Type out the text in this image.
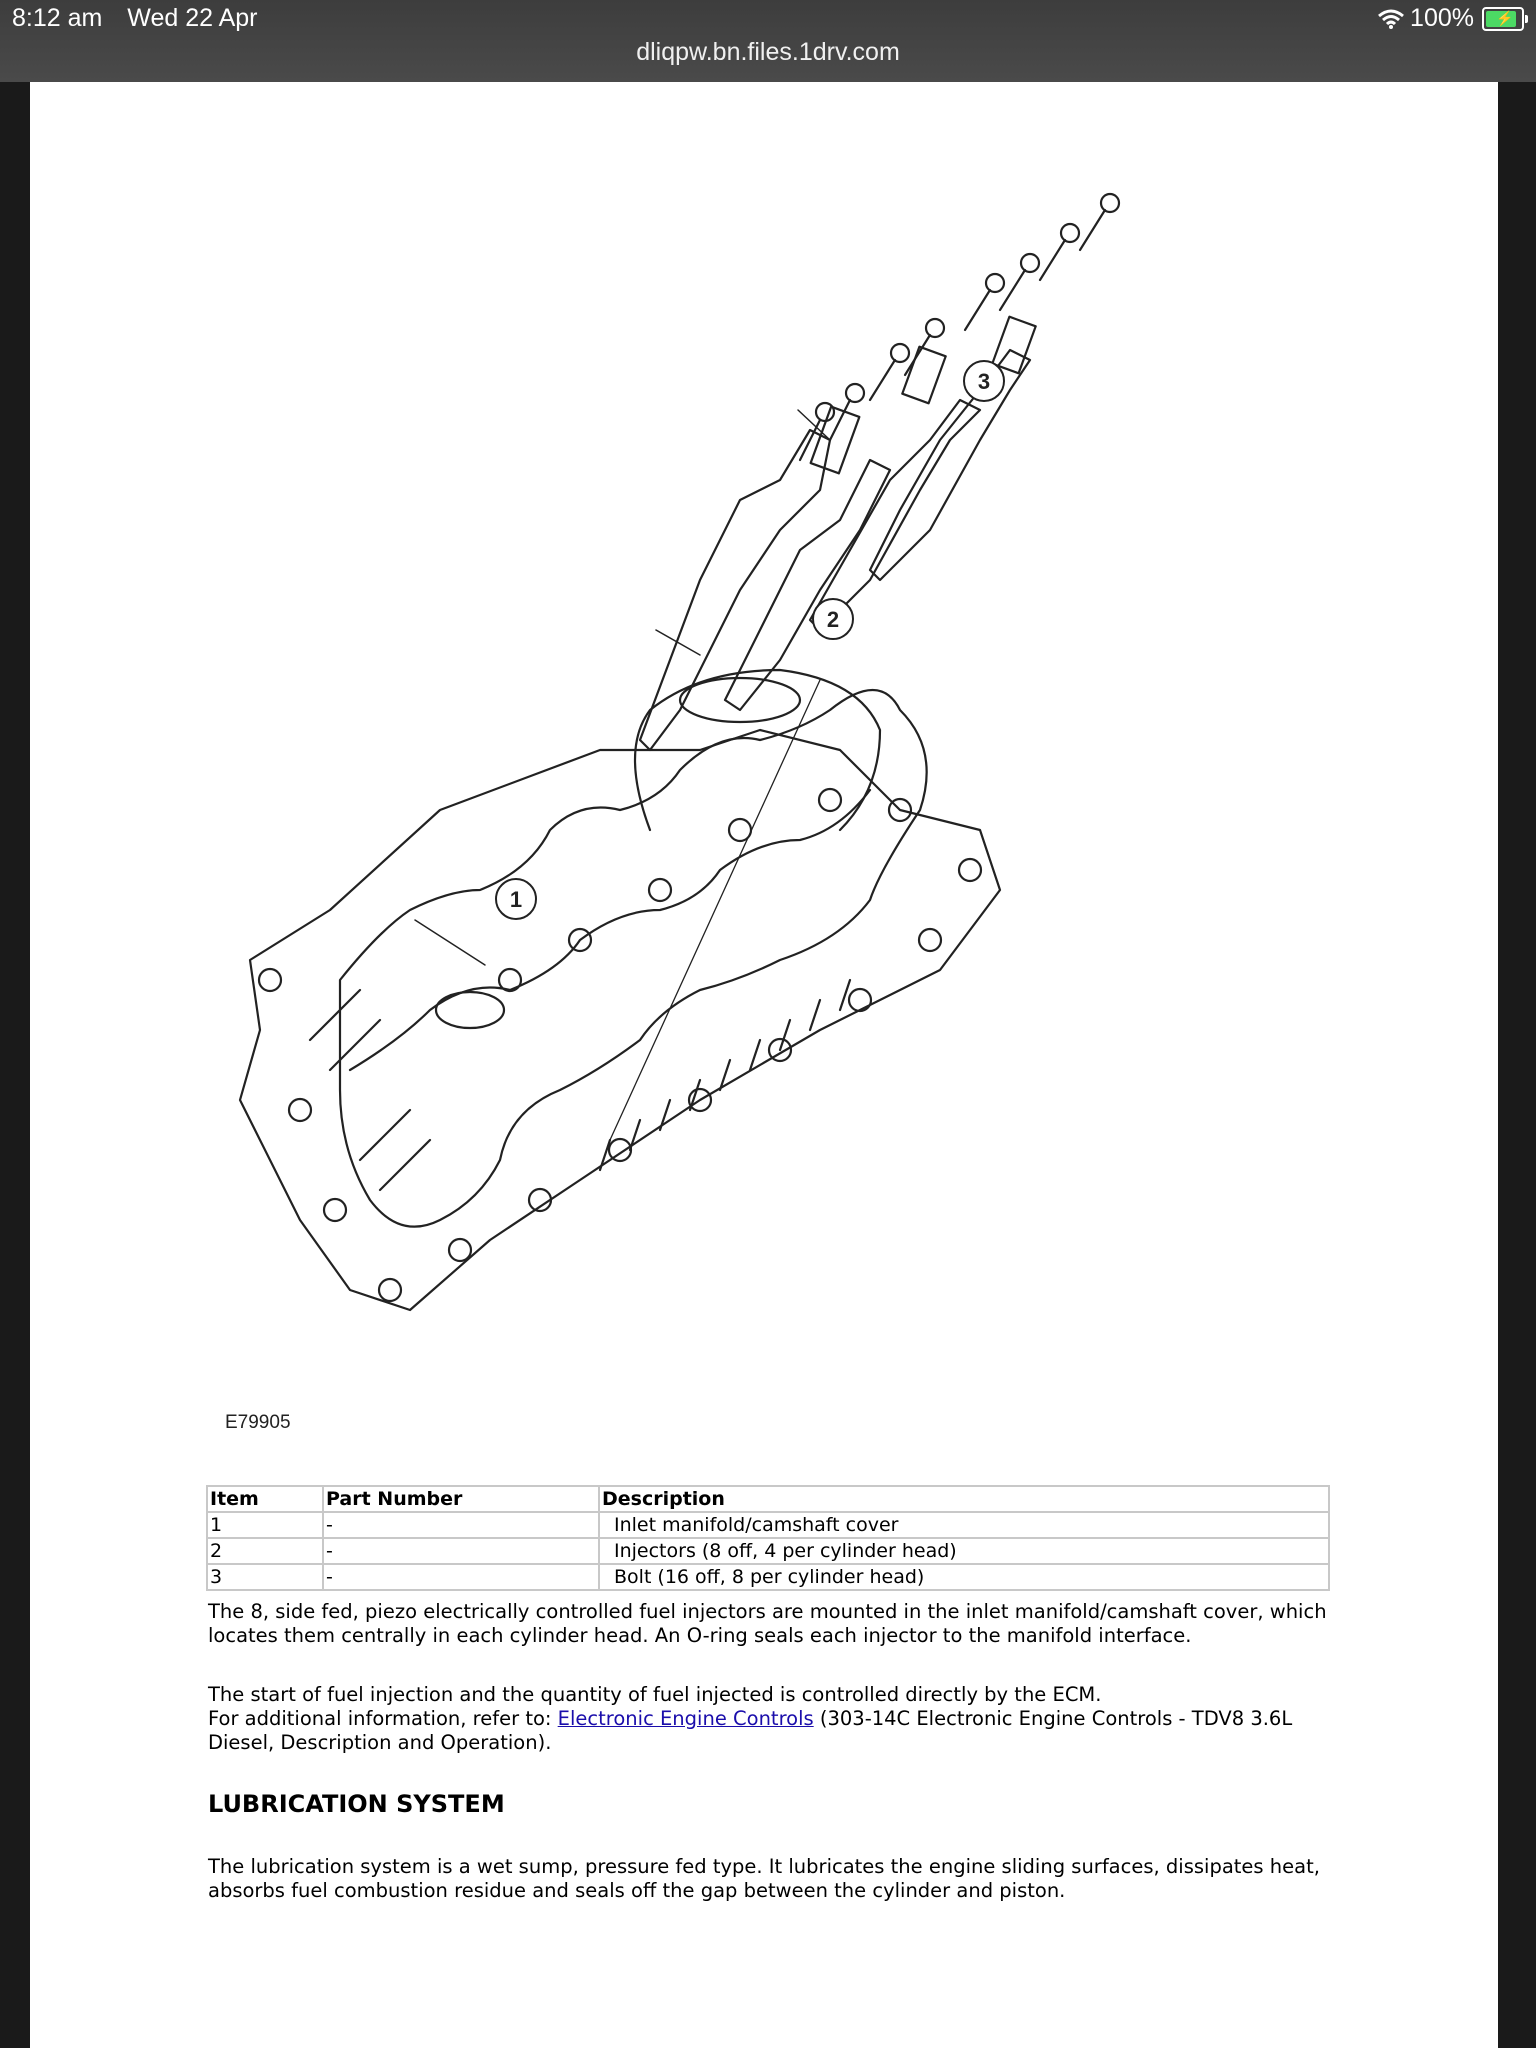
8:12 am Wed 22 Apr	100% ⚡
dliqpw.bn.files.1drv.com
1
2
3
E79905
Item	Part Number	Description
1	-	Inlet manifold/camshaft cover
2	-	Injectors (8 off, 4 per cylinder head)
3	-	Bolt (16 off, 8 per cylinder head)
The 8, side fed, piezo electrically controlled fuel injectors are mounted in the inlet manifold/camshaft cover, which locates them centrally in each cylinder head. An O-ring seals each injector to the manifold interface.
The start of fuel injection and the quantity of fuel injected is controlled directly by the ECM.
For additional information, refer to: Electronic Engine Controls (303-14C Electronic Engine Controls - TDV8 3.6L Diesel, Description and Operation).
LUBRICATION SYSTEM
The lubrication system is a wet sump, pressure fed type. It lubricates the engine sliding surfaces, dissipates heat, absorbs fuel combustion residue and seals off the gap between the cylinder and piston.
